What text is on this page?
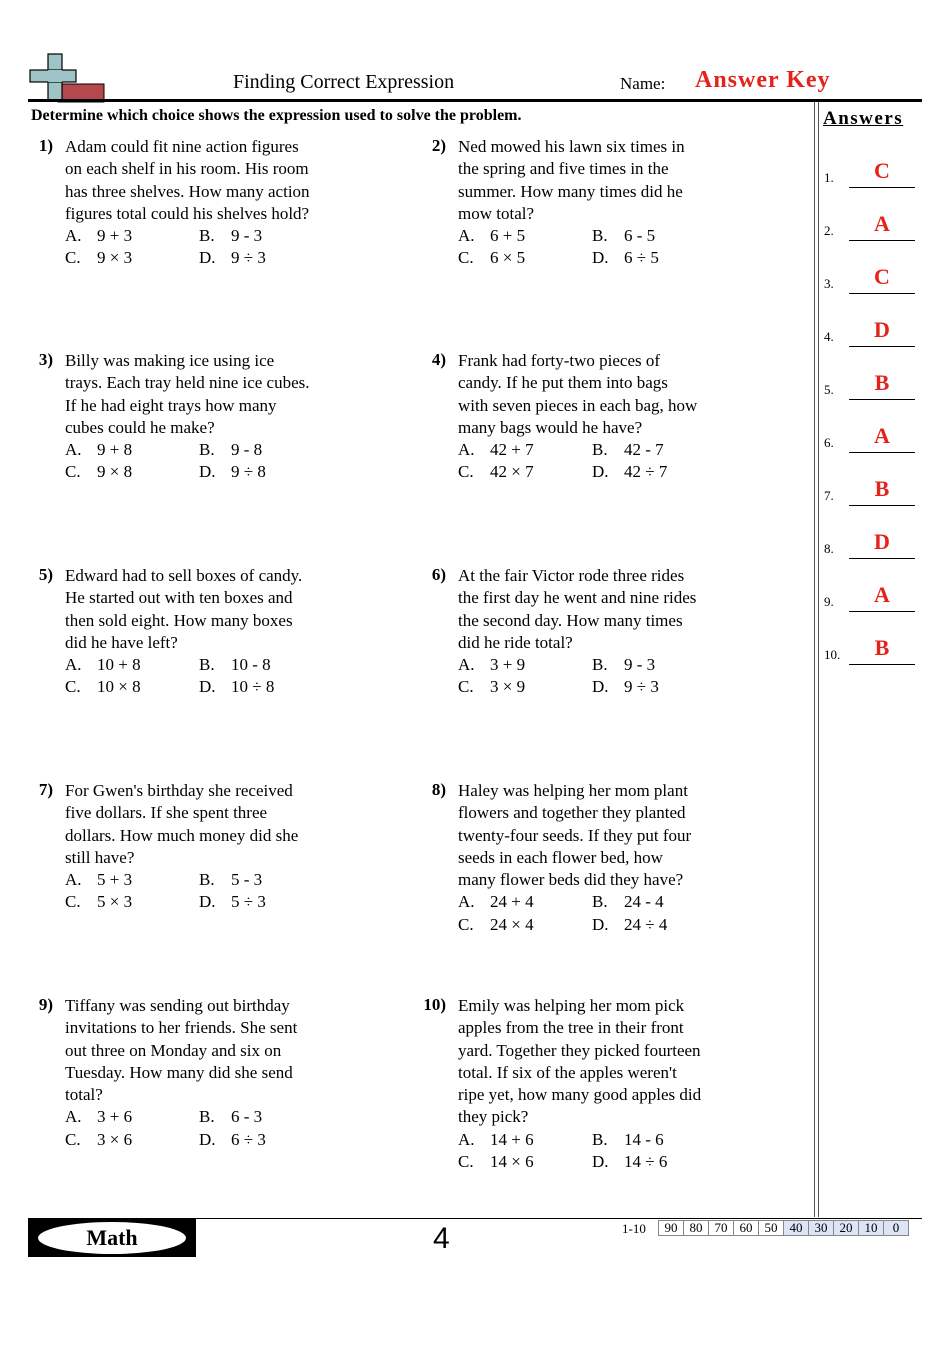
Finding Correct Expression	Name: Answer Key
Determine which choice shows the expression used to solve the problem.	Answers
1) Adam could fit nine action figures
on each shelf in his room. His room
has three shelves. How many action
figures total could his shelves hold?
A. 9 + 3	B. 9 - 3
C. 9 × 3	D. 9 ÷ 3
2) Ned mowed his lawn six times in
the spring and five times in the
summer. How many times did he
mow total?
A. 6 + 5	B. 6 - 5
C. 6 × 5	D. 6 ÷ 5
3) Billy was making ice using ice
trays. Each tray held nine ice cubes.
If he had eight trays how many
cubes could he make?
A. 9 + 8	B. 9 - 8
C. 9 × 8	D. 9 ÷ 8
4) Frank had forty-two pieces of
candy. If he put them into bags
with seven pieces in each bag, how
many bags would he have?
A. 42 + 7	B. 42 - 7
C. 42 × 7	D. 42 ÷ 7
5) Edward had to sell boxes of candy.
He started out with ten boxes and
then sold eight. How many boxes
did he have left?
A. 10 + 8	B. 10 - 8
C. 10 × 8	D. 10 ÷ 8
6) At the fair Victor rode three rides
the first day he went and nine rides
the second day. How many times
did he ride total?
A. 3 + 9	B. 9 - 3
C. 3 × 9	D. 9 ÷ 3
7) For Gwen's birthday she received
five dollars. If she spent three
dollars. How much money did she
still have?
A. 5 + 3	B. 5 - 3
C. 5 × 3	D. 5 ÷ 3
8) Haley was helping her mom plant
flowers and together they planted
twenty-four seeds. If they put four
seeds in each flower bed, how
many flower beds did they have?
A. 24 + 4	B. 24 - 4
C. 24 × 4	D. 24 ÷ 4
9) Tiffany was sending out birthday
invitations to her friends. She sent
out three on Monday and six on
Tuesday. How many did she send
total?
A. 3 + 6	B. 6 - 3
C. 3 × 6	D. 6 ÷ 3
10) Emily was helping her mom pick
apples from the tree in their front
yard. Together they picked fourteen
total. If six of the apples weren't
ripe yet, how many good apples did
they pick?
A. 14 + 6	B. 14 - 6
C. 14 × 6	D. 14 ÷ 6
1.	C
2.	A
3.	C
4.	D
5.	B
6.	A
7.	B
8.	D
9.	A
10.	B
Math	4	1-10 90	80	70	60	50	40	30	20	10	0
